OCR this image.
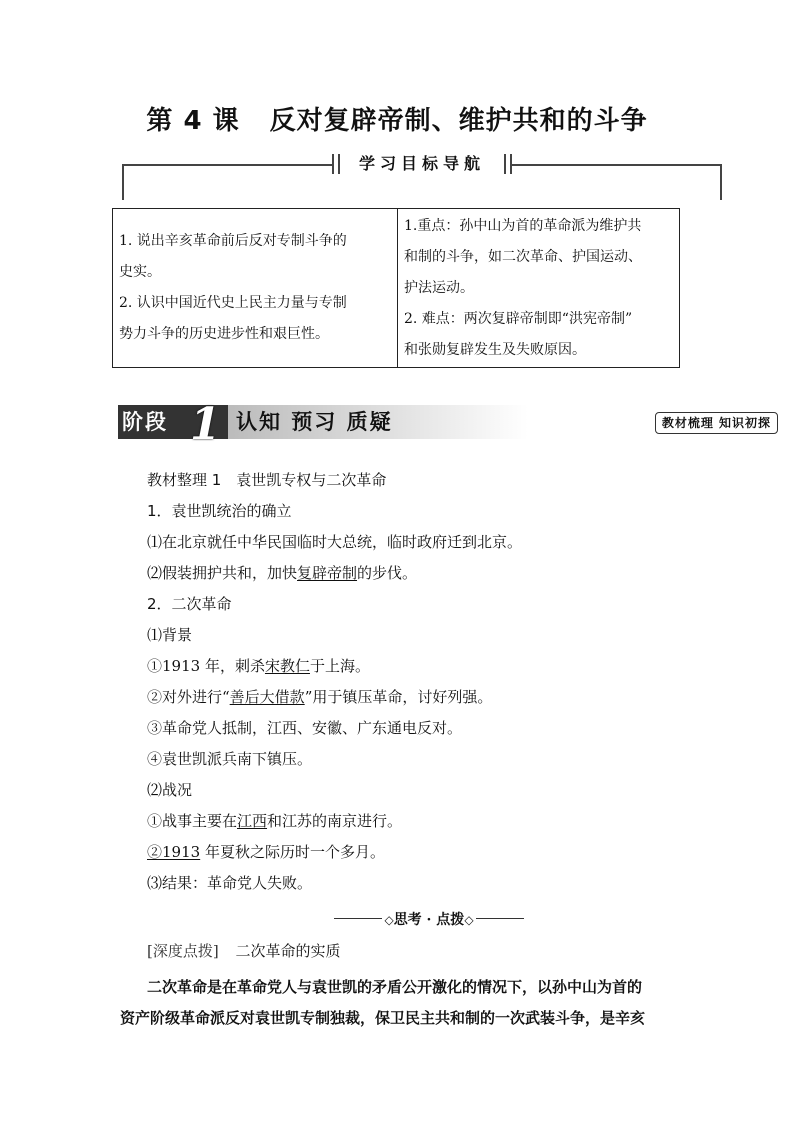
第 4 课 反对复辟帝制、维护共和的斗争
学习目标导航
1. 说出辛亥革命前后反对专制斗争的
史实。
2. 认识中国近代史上民主力量与专制
势力斗争的历史进步性和艰巨性。

1.重点：孙中山为首的革命派为维护共
和制的斗争，如二次革命、护国运动、
护法运动。
2. 难点：两次复辟帝制即“洪宪帝制”
和张勋复辟发生及失败原因。
阶段 1 认知 预习 质疑	教材梳理 知识初探

教材整理 1　袁世凯专权与二次革命

1．袁世凯统治的确立

⑴在北京就任中华民国临时大总统，临时政府迁到北京。

⑵假装拥护共和，加快复辟帝制的步伐。

2．二次革命

⑴背景

①1913 年，刺杀宋教仁于上海。

②对外进行“善后大借款”用于镇压革命，讨好列强。

③革命党人抵制，江西、安徽、广东通电反对。

④袁世凯派兵南下镇压。

⑵战况

①战事主要在江西和江苏的南京进行。

②1913 年夏秋之际历时一个多月。

⑶结果：革命党人失败。

◇思考 · 点拨◇
[深度点拨] 二次革命的实质
二次革命是在革命党人与袁世凯的矛盾公开激化的情况下，以孙中山为首的
资产阶级革命派反对袁世凯专制独裁，保卫民主共和制的一次武装斗争，是辛亥
